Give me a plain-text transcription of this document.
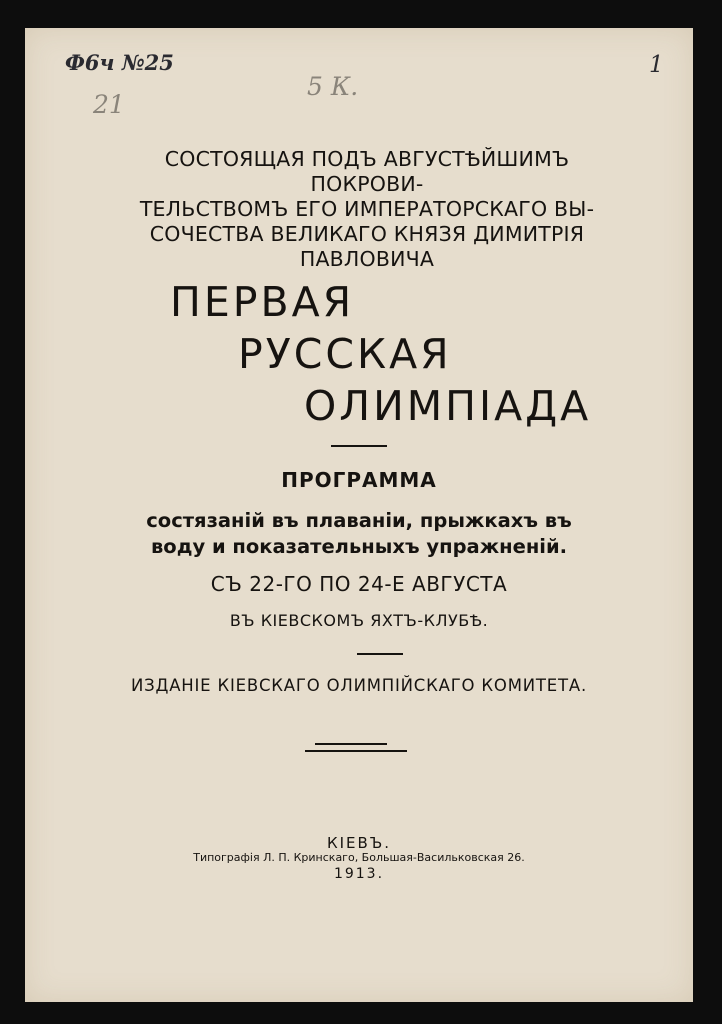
Ф6ч №25
21
5 К.
1
СОСТОЯЩАЯ ПОДЪ АВГУСТѢЙШИМЪ ПОКРОВИ-
ТЕЛЬСТВОМЪ ЕГО ИМПЕРАТОРСКАГО ВЫ-
СОЧЕСТВА ВЕЛИКАГО КНЯЗЯ ДИМИТРІЯ
ПАВЛОВИЧА
ПЕРВАЯ
РУССКАЯ
ОЛИМПІАДА
ПРОГРАММА
состязаній въ плаваніи, прыжкахъ въ
воду и показательныхъ упражненій.
СЪ 22-ГО ПО 24-Е АВГУСТА
ВЪ КІЕВСКОМЪ ЯХТЪ-КЛУБѢ.
ИЗДАНІЕ КІЕВСКАГО ОЛИМПІЙСКАГО КОМИТЕТА.
КІЕВЪ.
Типографія Л. П. Кринскаго, Большая-Васильковская 26.
1913.
